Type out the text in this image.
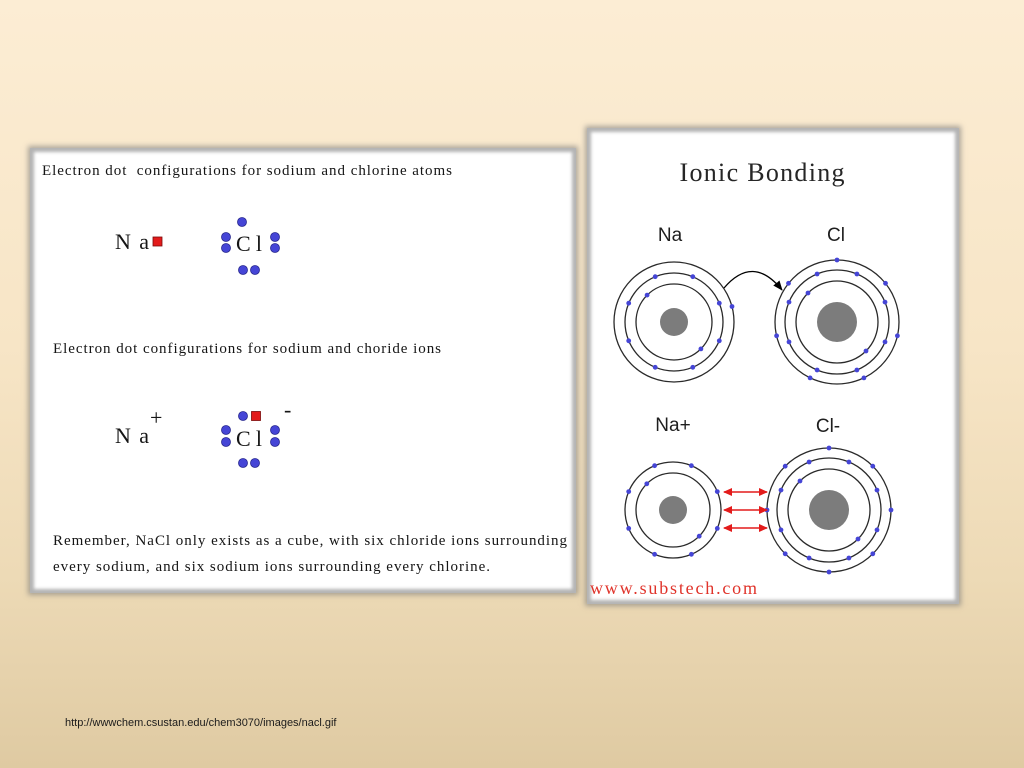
Electron dot  configurations for sodium and chlorine atoms
Na	Cl
Electron dot configurations for sodium and choride ions
Na
+
Cl
-
Remember, NaCl only exists as a cube, with six chloride ions surrounding
every sodium, and six sodium ions surrounding every chlorine.
Ionic Bonding
Na	Cl
Na+	Cl-
www.substech.com
http://wwwchem.csustan.edu/chem3070/images/nacl.gif
